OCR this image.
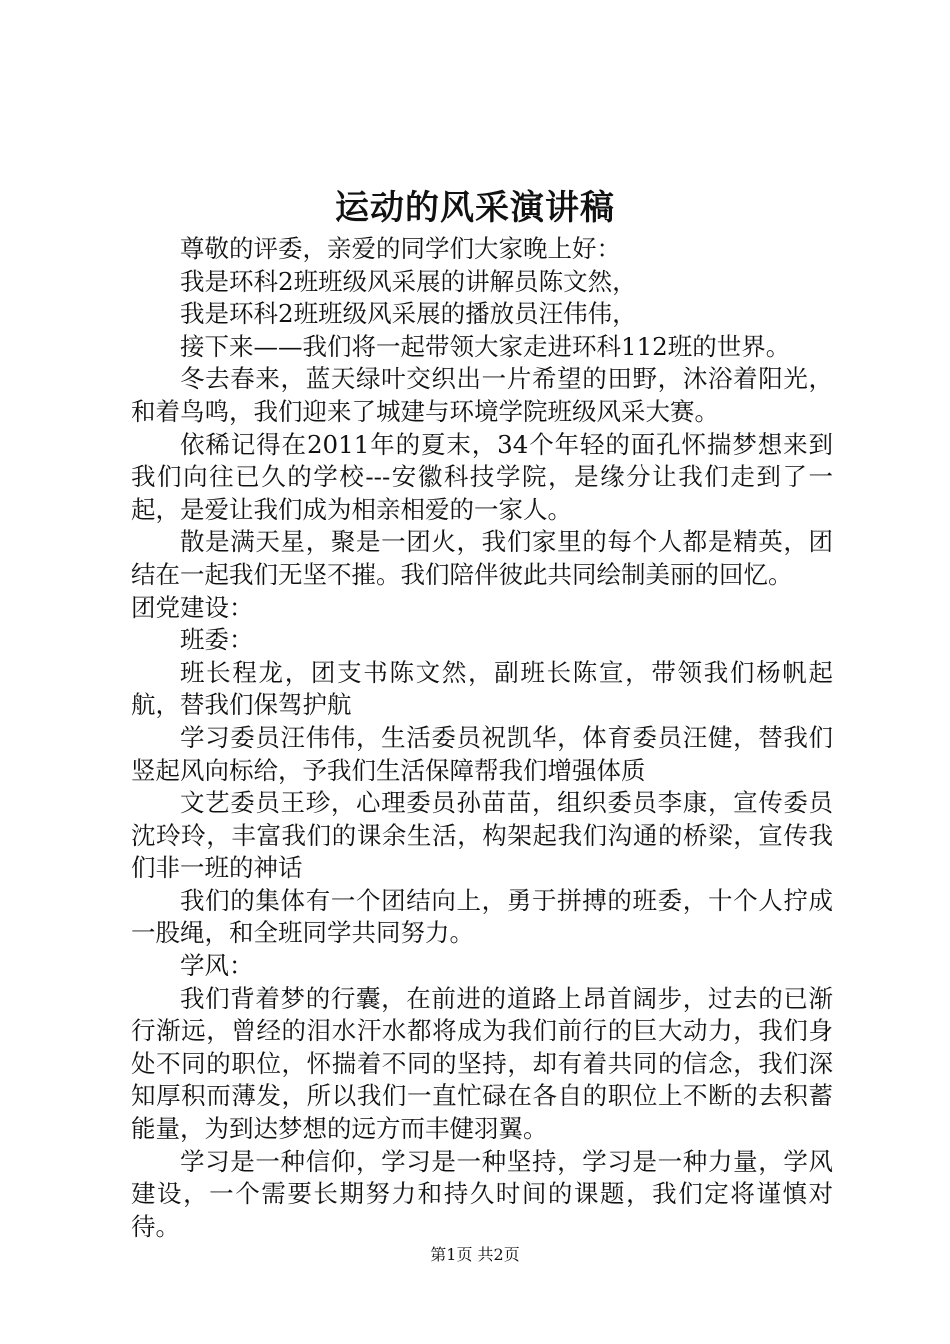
运动的风采演讲稿

尊敬的评委，亲爱的同学们大家晚上好：

我是环科2班班级风采展的讲解员陈文然，

我是环科2班班级风采展的播放员汪伟伟，

接下来——我们将一起带领大家走进环科112班的世界。

冬去春来，蓝天绿叶交织出一片希望的田野，沐浴着阳光，和着鸟鸣，我们迎来了城建与环境学院班级风采大赛。

依稀记得在2011年的夏末，34个年轻的面孔怀揣梦想来到我们向往已久的学校---安徽科技学院，是缘分让我们走到了一起，是爱让我们成为相亲相爱的一家人。

散是满天星，聚是一团火，我们家里的每个人都是精英，团结在一起我们无坚不摧。我们陪伴彼此共同绘制美丽的回忆。

团党建设：

班委：

班长程龙，团支书陈文然，副班长陈宣，带领我们杨帆起航，替我们保驾护航

学习委员汪伟伟，生活委员祝凯华，体育委员汪健，替我们竖起风向标给，予我们生活保障帮我们增强体质

文艺委员王珍，心理委员孙苗苗，组织委员李康，宣传委员沈玲玲，丰富我们的课余生活，构架起我们沟通的桥梁，宣传我们非一班的神话

我们的集体有一个团结向上，勇于拼搏的班委，十个人拧成一股绳，和全班同学共同努力。

学风：

我们背着梦的行囊，在前进的道路上昂首阔步，过去的已渐行渐远，曾经的泪水汗水都将成为我们前行的巨大动力，我们身处不同的职位，怀揣着不同的坚持，却有着共同的信念，我们深知厚积而薄发，所以我们一直忙碌在各自的职位上不断的去积蓄能量，为到达梦想的远方而丰健羽翼。

学习是一种信仰，学习是一种坚持，学习是一种力量，学风建设，一个需要长期努力和持久时间的课题，我们定将谨慎对待。

第1页 共2页
